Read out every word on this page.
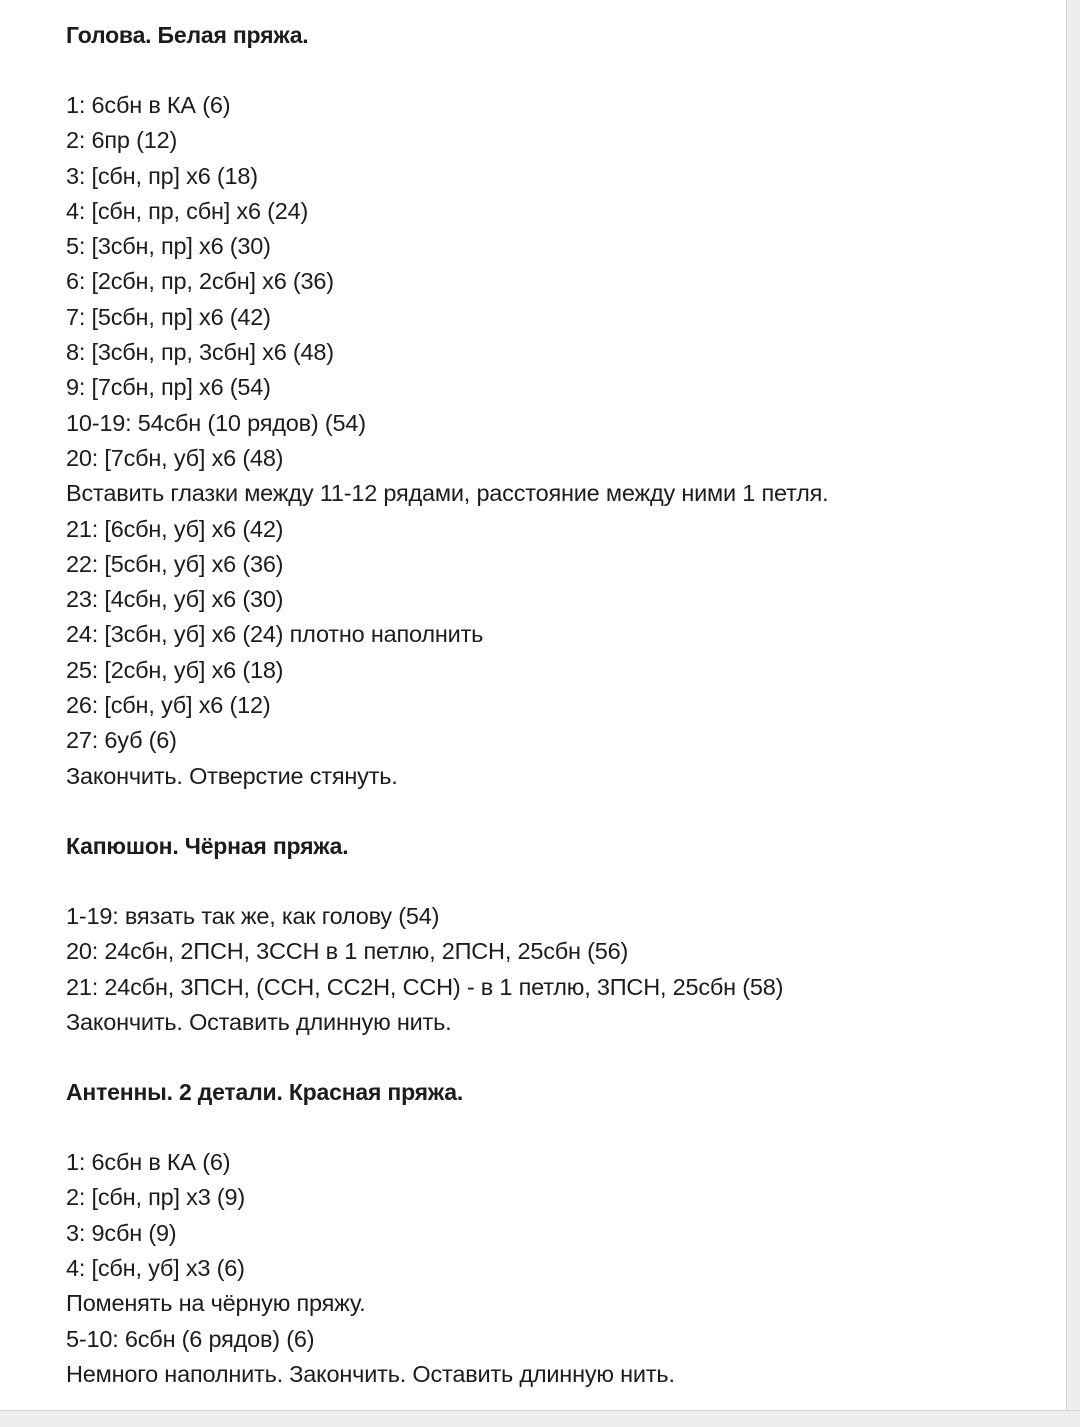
Голова. Белая пряжа.
1: 6сбн в КА (6)
2: 6пр (12)
3: [сбн, пр] х6 (18)
4: [сбн, пр, сбн] х6 (24)
5: [3сбн, пр] х6 (30)
6: [2сбн, пр, 2сбн] х6 (36)
7: [5сбн, пр] х6 (42)
8: [3сбн, пр, 3сбн] х6 (48)
9: [7сбн, пр] х6 (54)
10-19: 54сбн (10 рядов) (54)
20: [7сбн, уб] х6 (48)
Вставить глазки между 11-12 рядами, расстояние между ними 1 петля.
21: [6сбн, уб] х6 (42)
22: [5сбн, уб] х6 (36)
23: [4сбн, уб] х6 (30)
24: [3сбн, уб] х6 (24) плотно наполнить
25: [2сбн, уб] х6 (18)
26: [сбн, уб] х6 (12)
27: 6уб (6)
Закончить. Отверстие стянуть.
Капюшон. Чёрная пряжа.
1-19: вязать так же, как голову (54)
20: 24сбн, 2ПСН, 3ССН в 1 петлю, 2ПСН, 25сбн (56)
21: 24сбн, 3ПСН, (ССН, СС2Н, ССН) - в 1 петлю, 3ПСН, 25сбн (58)
Закончить. Оставить длинную нить.
Антенны. 2 детали. Красная пряжа.
1: 6сбн в КА (6)
2: [сбн, пр] х3 (9)
3: 9сбн (9)
4: [сбн, уб] х3 (6)
Поменять на чёрную пряжу.
5-10: 6сбн (6 рядов) (6)
Немного наполнить. Закончить. Оставить длинную нить.
